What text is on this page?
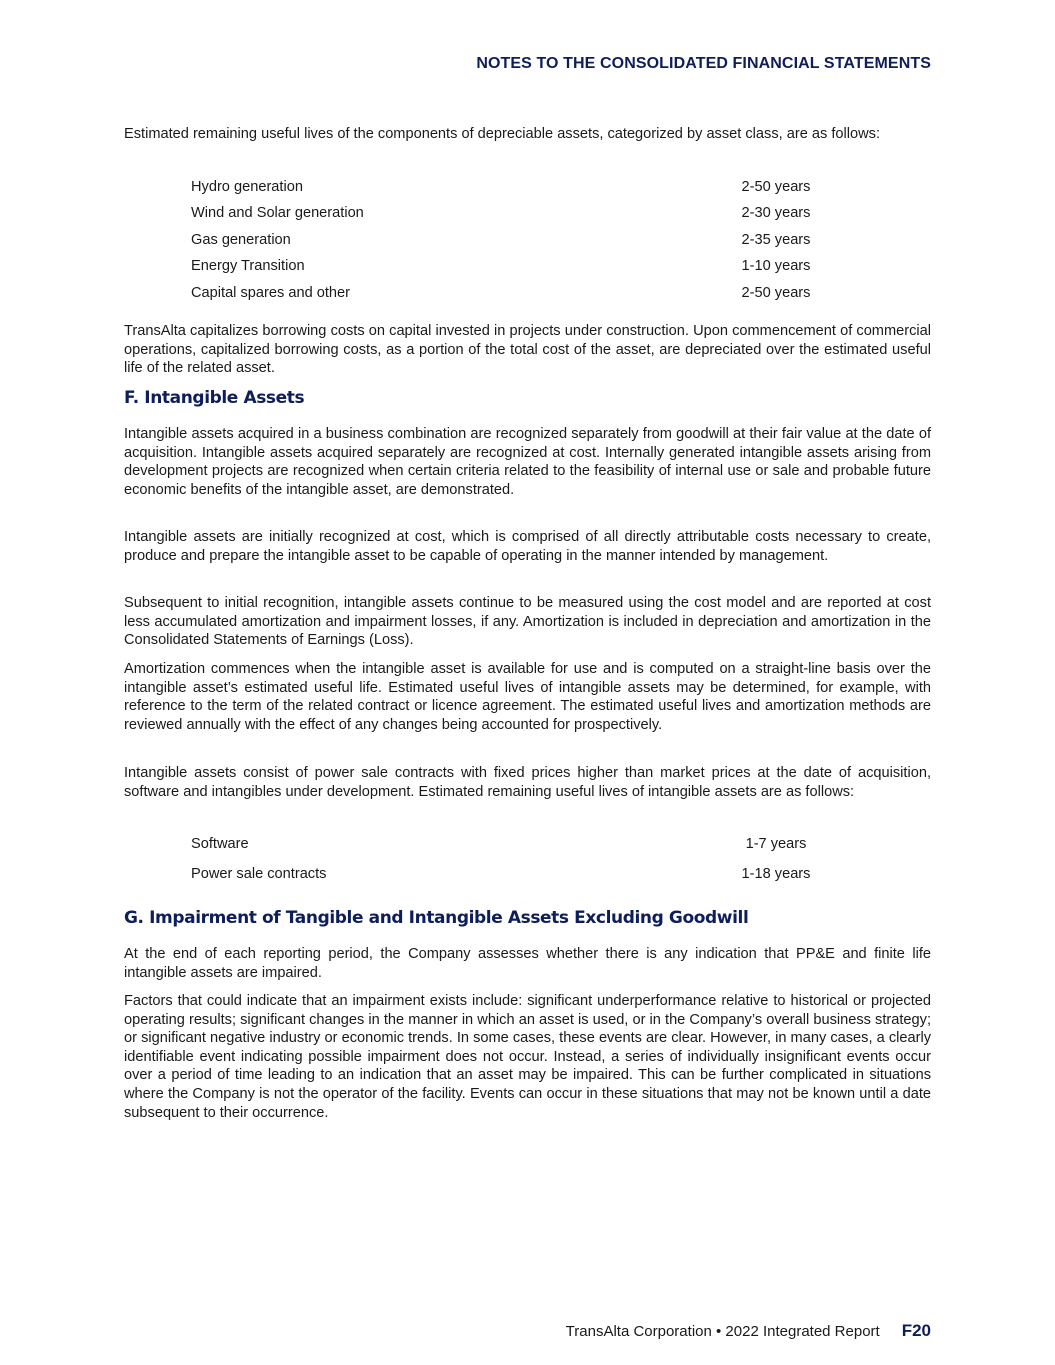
NOTES TO THE CONSOLIDATED FINANCIAL STATEMENTS

Estimated remaining useful lives of the components of depreciable assets, categorized by asset class, are as follows:

Hydro generation	2-50 years
Wind and Solar generation	2-30 years
Gas generation	2-35 years
Energy Transition	1-10 years
Capital spares and other	2-50 years

TransAlta capitalizes borrowing costs on capital invested in projects under construction. Upon commencement of commercial operations, capitalized borrowing costs, as a portion of the total cost of the asset, are depreciated over the estimated useful life of the related asset.

F. Intangible Assets

Intangible assets acquired in a business combination are recognized separately from goodwill at their fair value at the date of acquisition. Intangible assets acquired separately are recognized at cost. Internally generated intangible assets arising from development projects are recognized when certain criteria related to the feasibility of internal use or sale and probable future economic benefits of the intangible asset, are demonstrated.

Intangible assets are initially recognized at cost, which is comprised of all directly attributable costs necessary to create, produce and prepare the intangible asset to be capable of operating in the manner intended by management.

Subsequent to initial recognition, intangible assets continue to be measured using the cost model and are reported at cost less accumulated amortization and impairment losses, if any. Amortization is included in depreciation and amortization in the Consolidated Statements of Earnings (Loss).

Amortization commences when the intangible asset is available for use and is computed on a straight-line basis over the intangible asset’s estimated useful life. Estimated useful lives of intangible assets may be determined, for example, with reference to the term of the related contract or licence agreement. The estimated useful lives and amortization methods are reviewed annually with the effect of any changes being accounted for prospectively.

Intangible assets consist of power sale contracts with fixed prices higher than market prices at the date of acquisition, software and intangibles under development. Estimated remaining useful lives of intangible assets are as follows:

Software	1-7 years
Power sale contracts	1-18 years
G. Impairment of Tangible and Intangible Assets Excluding Goodwill

At the end of each reporting period, the Company assesses whether there is any indication that PP&E and finite life intangible assets are impaired.

Factors that could indicate that an impairment exists include: significant underperformance relative to historical or projected operating results; significant changes in the manner in which an asset is used, or in the Company’s overall business strategy; or significant negative industry or economic trends. In some cases, these events are clear. However, in many cases, a clearly identifiable event indicating possible impairment does not occur. Instead, a series of individually insignificant events occur over a period of time leading to an indication that an asset may be impaired. This can be further complicated in situations where the Company is not the operator of the facility. Events can occur in these situations that may not be known until a date subsequent to their occurrence.

TransAlta Corporation • 2022 Integrated Report F20
